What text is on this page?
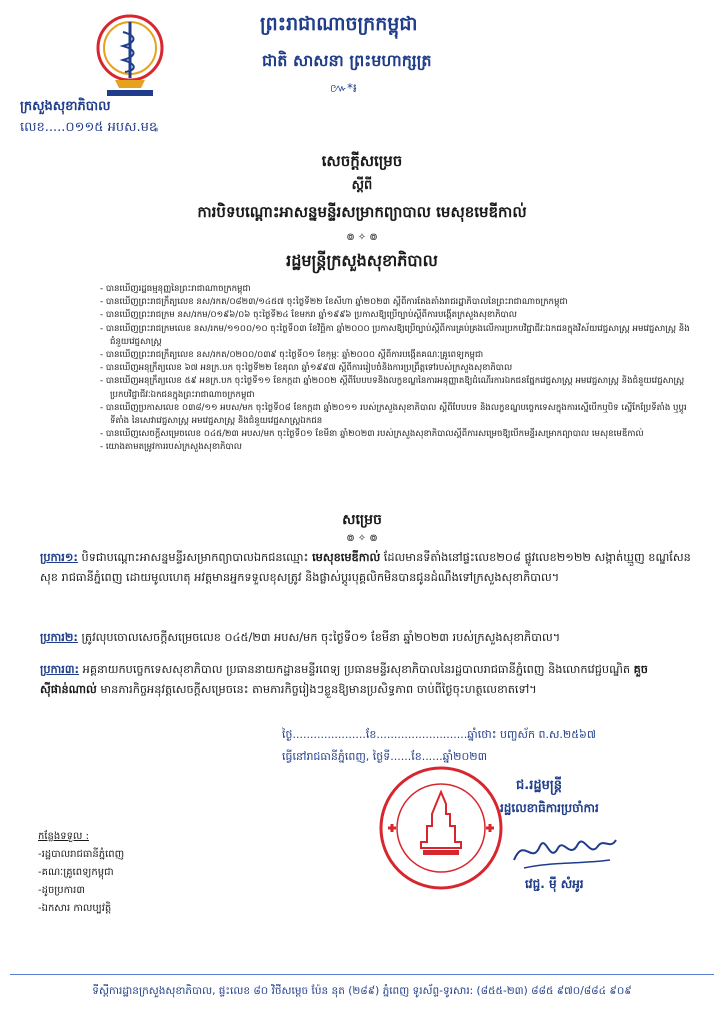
ព្រះរាជាណាចក្រកម្ពុជា
ជាតិ សាសនា ព្រះមហាក្សត្រ
៚*៛
ក្រសួងសុខាភិបាល
លេខ.....០១១៥ អបស.មឩ
សេចក្តីសម្រេច
ស្តីពី
ការបិទបណ្តោះអាសន្នមន្ទីរសម្រាកព្យាបាល មេសុខមេឌីកាល់
៙ ✧ ៙
រដ្ឋមន្ត្រីក្រសួងសុខាភិបាល
- បានឃើញរដ្ឋធម្មនុញ្ញនៃព្រះរាជាណាចក្រកម្ពុជា
- បានឃើញព្រះរាជក្រឹត្យលេខ នស/រកត/០៨២៣/១៤៥៧ ចុះថ្ងៃទី២២ ខែសីហា ឆ្នាំ២០២៣ ស្តីពីការតែងតាំងរាជរដ្ឋាភិបាលនៃព្រះរាជាណាចក្រកម្ពុជា
- បានឃើញព្រះរាជក្រម នស/រកម/០១៩៦/០៦ ចុះថ្ងៃទី២៤ ខែមករា ឆ្នាំ១៩៩៦ ប្រកាសឱ្យប្រើច្បាប់ស្តីពីការបង្កើតក្រសួងសុខាភិបាល
- បានឃើញព្រះរាជក្រមលេខ នស/រកម/១១០០/១០ ចុះថ្ងៃទី០៣ ខែវិច្ឆិកា ឆ្នាំ២០០០ ប្រកាសឱ្យប្រើច្បាប់ស្តីពីការគ្រប់គ្រងលើការប្រកបវិជ្ជាជីវៈឯកជនក្នុងវិស័យវេជ្ជសាស្ត្រ អមវេជ្ជសាស្ត្រ និងជំនួយវេជ្ជសាស្ត្រ
- បានឃើញព្រះរាជក្រឹត្យលេខ នស/រកត/០២០០/០៣៩ ចុះថ្ងៃទី០១ ខែកុម្ភៈ ឆ្នាំ២០០០ ស្តីពីការបង្កើតគណៈគ្រូពេទ្យកម្ពុជា
- បានឃើញអនុក្រឹត្យលេខ ៦៧ អនក្រ.បក ចុះថ្ងៃទី២២ ខែតុលា ឆ្នាំ១៩៩៧ ស្តីពីការរៀបចំនិងការប្រព្រឹត្តទៅរបស់ក្រសួងសុខាភិបាល
- បានឃើញអនុក្រឹត្យលេខ ៥៩ អនក្រ.បក ចុះថ្ងៃទី១១ ខែកក្កដា ឆ្នាំ២០០២ ស្តីពីបែបបទនិងលក្ខខណ្ឌនៃការអនុញ្ញាតឱ្យដំណើរការឯកជនផ្នែកវេជ្ជសាស្ត្រ អមវេជ្ជសាស្ត្រ និងជំនួយវេជ្ជសាស្ត្រ ប្រកបវិជ្ជាជីវៈឯកជនក្នុងព្រះរាជាណាចក្រកម្ពុជា
- បានឃើញប្រកាសលេខ ០៣៨/១១ អបស/មក ចុះថ្ងៃទី០៨ ខែកក្កដា ឆ្នាំ២០១១ របស់ក្រសួងសុខាភិបាល ស្តីពីបែបបទ និងលក្ខខណ្ឌបច្ចេកទេសក្នុងការស្នើបើកឬបិទ ស្នើកែប្រែទីតាំង ឬប្តូរទីតាំង នៃសេវាវេជ្ជសាស្ត្រ អមវេជ្ជសាស្ត្រ និងជំនួយវេជ្ជសាស្ត្រឯកជន
- បានឃើញសេចក្តីសម្រេចលេខ ០៤៥/២៣ អបស/មក ចុះថ្ងៃទី០១ ខែមីនា ឆ្នាំ២០២៣ របស់ក្រសួងសុខាភិបាលស្តីពីការសម្រេចឱ្យបើកមន្ទីរសម្រាកព្យាបាល មេសុខមេឌីកាល់
- យោងតាមតម្រូវការរបស់ក្រសួងសុខាភិបាល
សម្រេច
៙ ✧ ៙
ប្រការ១: បិទជាបណ្តោះអាសន្នមន្ទីរសម្រាកព្យាបាលឯកជនឈ្មោះ មេសុខមេឌីកាល់ ដែលមានទីតាំងនៅផ្ទះលេខ២០៨ ផ្លូវលេខ២១២២ សង្កាត់ឃ្មួញ ខណ្ឌសែនសុខ រាជធានីភ្នំពេញ ដោយមូលហេតុ អវត្តមានអ្នកទទួលខុសត្រូវ និងផ្លាស់ប្តូរបុគ្គលិកមិនបានជូនដំណឹងទៅក្រសួងសុខាភិបាល។
ប្រការ២: ត្រូវលុបចោលសេចក្តីសម្រេចលេខ ០៤៥/២៣ អបស/មក ចុះថ្ងៃទី០១ ខែមីនា ឆ្នាំ២០២៣ របស់ក្រសួងសុខាភិបាល។
ប្រការ៣: អគ្គនាយកបច្ចេកទេសសុខាភិបាល ប្រធាននាយកដ្ឋានមន្ទីរពេទ្យ ប្រធានមន្ទីរសុខាភិបាលនៃរដ្ឋបាលរាជធានីភ្នំពេញ និងលោកវេជ្ជបណ្ឌិត គួច ស៊ីផាន់ណាល់ មានភារកិច្ចអនុវត្តសេចក្តីសម្រេចនេះ តាមភារកិច្ចរៀងៗខ្លួនឱ្យមានប្រសិទ្ធភាព ចាប់ពីថ្ងៃចុះហត្ថលេខាតទៅ។
ថ្ងៃ.....................ខែ..........................ឆ្នាំថោះ បញ្ចស័ក ព.ស.២៥៦៧
ធ្វើនៅរាជធានីភ្នំពេញ, ថ្ងៃទី......ខែ......ឆ្នាំ២០២៣
ជ.រដ្ឋមន្ត្រី
រដ្ឋលេខាធិការប្រចាំការ
វេជ្ជ. ម៉ី សំអូរ
កន្លែងទទួល :
-រដ្ឋបាលរាជធានីភ្នំពេញ
-គណៈគ្រូពេទ្យកម្ពុជា
-ដូចប្រការ៣
-ឯកសារ កាលប្បវត្តិ
ទីស្តីការដ្ឋានក្រសួងសុខាភិបាល, ផ្ទះលេខ ៨០ វិថីសម្តេច ប៉ែន នុត (២៨៩) ភ្នំពេញ ទូរស័ព្ទ-ទូរសារ: (៨៥៥-២៣) ៨៨៥ ៩៧០/៨៨៤ ៩០៩
